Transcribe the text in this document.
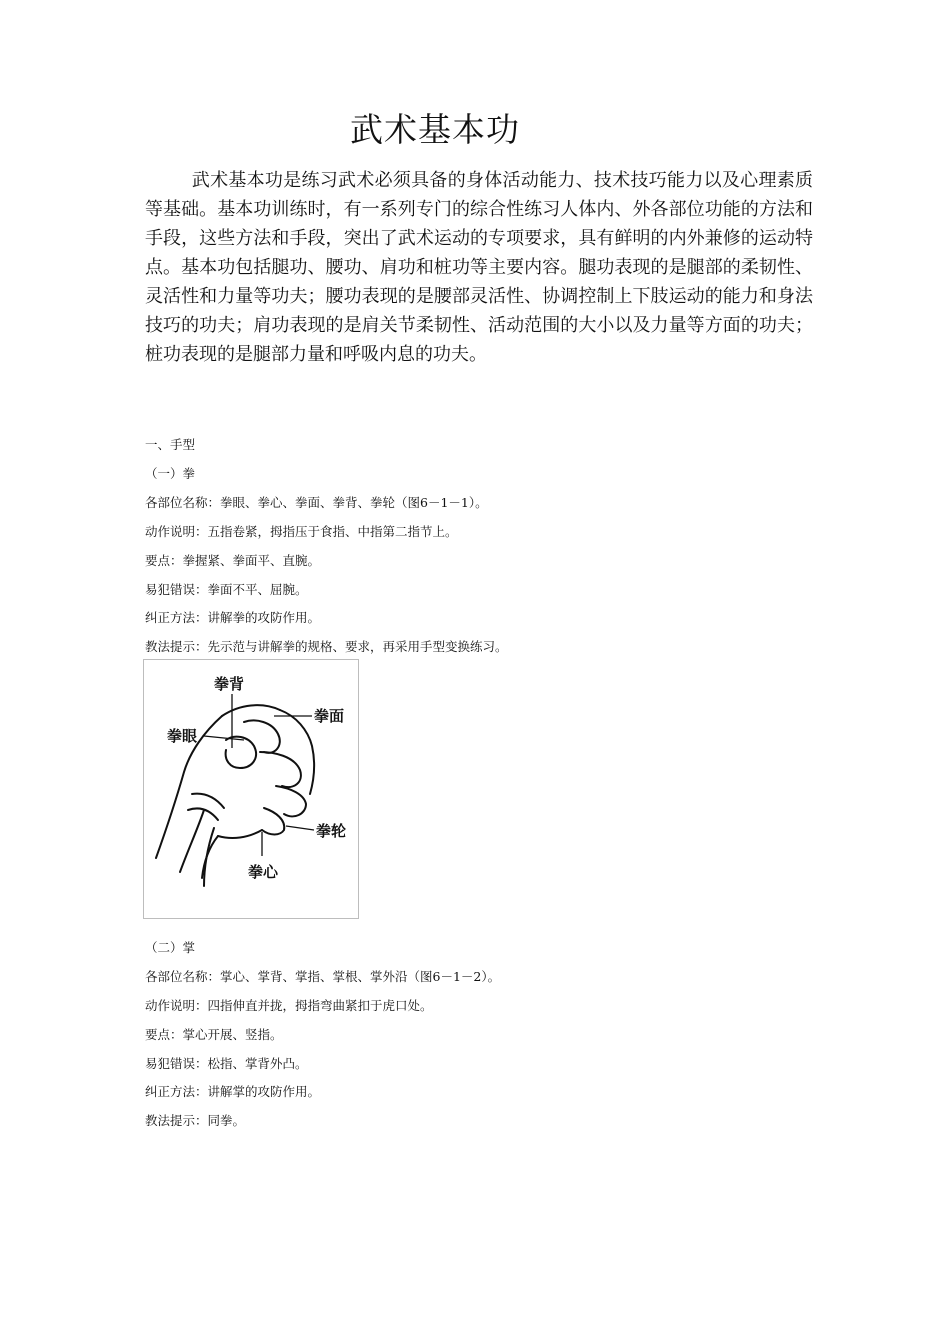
武术基本功

武术基本功是练习武术必须具备的身体活动能力、技术技巧能力以及心理素质等基础。基本功训练时，有一系列专门的综合性练习人体内、外各部位功能的方法和手段，这些方法和手段，突出了武术运动的专项要求，具有鲜明的内外兼修的运动特点。基本功包括腿功、腰功、肩功和桩功等主要内容。腿功表现的是腿部的柔韧性、灵活性和力量等功夫；腰功表现的是腰部灵活性、协调控制上下肢运动的能力和身法技巧的功夫；肩功表现的是肩关节柔韧性、活动范围的大小以及力量等方面的功夫；桩功表现的是腿部力量和呼吸内息的功夫。

一、手型

（一）拳

各部位名称：拳眼、拳心、拳面、拳背、拳轮（图6－1－1）。

动作说明：五指卷紧，拇指压于食指、中指第二指节上。

要点：拳握紧、拳面平、直腕。

易犯错误：拳面不平、屈腕。

纠正方法：讲解拳的攻防作用。

教法提示：先示范与讲解拳的规格、要求，再采用手型变换练习。

拳背
拳面
拳眼
拳轮
拳心

（二）掌

各部位名称：掌心、掌背、掌指、掌根、掌外沿（图6－1－2）。

动作说明：四指伸直并拢，拇指弯曲紧扣于虎口处。

要点：掌心开展、竖指。

易犯错误：松指、掌背外凸。

纠正方法：讲解掌的攻防作用。

教法提示：同拳。
